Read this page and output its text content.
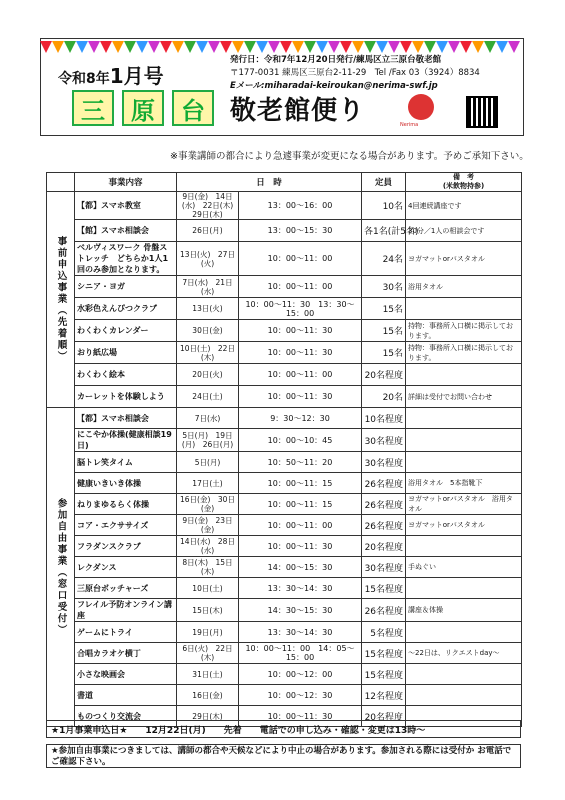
令和8年1月号
発行日：令和7年12月20日発行/練馬区立三原台敬老館
〒177-0031 練馬区三原台2-11-29　Tel /Fax 03（3924）8834
Eメール:miharadai-keiroukan@nerima-swf.jp
三	原	台 敬老館便り	Nerima
※事業講師の都合により急遽事業が変更になる場合があります。予めご承知下さい。
	事業内容	日　時		定員	備　考
(米飲物持参)
事前申込事業（先着順）	【都】スマホ教室	9日(金)　14日(水)　22日(木)　29日(木)	13：00～16：00	10名	4回連続講座です
	【館】スマホ相談会	26日(月)	13：00～15：30	各1名(計5名)	30分／1人の相談会です
	ベルヴィスワーク 骨盤ストレッチ　どちらか1人1回のみ参加となります。	13日(火)　27日(火)	10：00～11：00	24名	ヨガマットorバスタオル
	シニア・ヨガ	7日(水)　21日(水)	10：00～11：00	30名	浴用タオル
	水彩色えんぴつクラブ	13日(火)	10：00～11：30　13：30～15：00	15名	
	わくわくカレンダー	30日(金)	10：00～11：30	15名	持物：事務所入口横に掲示しております。
	おり紙広場	10日(土)　22日(木)	10：00～11：30	15名	持物：事務所入口横に掲示しております。
	わくわく絵本	20日(火)	10：00～11：00	20名程度	
	カーレットを体験しよう	24日(土)	10：00～11：30	20名	詳細は受付でお問い合わせ
参加自由事業（窓口受付）	【都】スマホ相談会	7日(水)	9：30～12：30	10名程度	
	にこやか体操(健康相談19日)	5日(月)　19日(月)　26日(月)	10：00～10：45	30名程度	
	脳トレ笑タイム	5日(月)	10：50～11：20	30名程度	
	健康いきいき体操	17日(土)	10：00～11：15	26名程度	浴用タオル　5本指靴下
	ねりまゆるらく体操	16日(金)　30日(金)	10：00～11：15	26名程度	ヨガマットorバスタオル　浴用タオル
	コア・エクササイズ	9日(金)　23日(金)	10：00～11：00	26名程度	ヨガマットorバスタオル
	フラダンスクラブ	14日(水)　28日(水)	10：00～11：30	20名程度	
	レクダンス	8日(木)　15日(木)	14：00～15：30	30名程度	手ぬぐい
	三原台ボッチャーズ	10日(土)	13：30～14：30	15名程度	
	フレイル予防オンライン講座	15日(木)	14：30～15：30	26名程度	講座＆体操
	ゲームにトライ	19日(月)	13：30～14：30	5名程度	
	合唱カラオケ横丁	6日(火)　22日(木)	10：00～11：00　14：05～15：00	15名程度	～22日は、リクエストday～
	小さな映画会	31日(土)	10：00～12：00	15名程度	
	書道	16日(金)	10：00～12：30	12名程度	
	ものつくり交流会	29日(木)	10：00～11：30	20名程度	
★1月事業申込日★ 12月22日(月) 先着 電話での申し込み・確認・変更は13時～
★参加自由事業につきましては、講師の都合や天候などにより中止の場合があります。参加される際には受付か お電話でご確認下さい。
